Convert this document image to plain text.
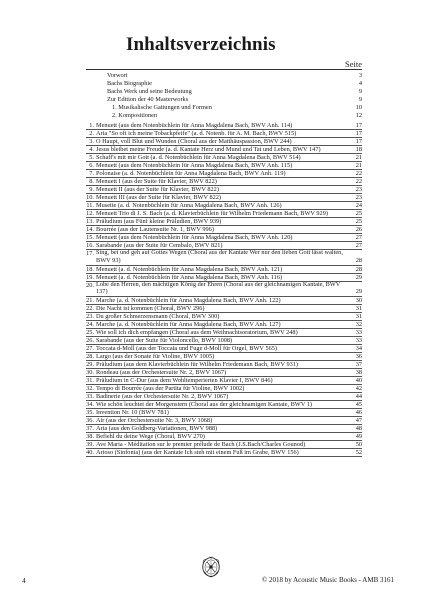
Inhaltsverzeichnis
Seite
Vorwort	3
Bachs Biographie	4
Bachs Werk und seine Bedeutung	9
Zur Edition der 40 Masterworks	9
1. Musikalische Gattungen und Formen	10
2. Kompositionen	12
1. Menuett (aus dem Notenbüchlein für Anna Magdalena Bach, BWV Anh. 114)	17
2. Aria "So oft ich meine Tobackpfeife" (a. d. Notenb. für A. M. Bach, BWV 515)	17
3. O Haupt, voll Blut und Wunden (Choral aus der Matthäuspassion, BWV 244)	17
4. Jesus bleibet meine Freude (a. d. Kantate Herz und Mund und Tat und Leben, BWV 147)	18
5. Schaff's mit mir Gott (a. d. Notenbüchlein für Anna Magdalena Bach, BWV 514)	21
6. Menuett (aus dem Notenbüchlein für Anna Magdalena Bach, BWV Anh. 115)	21
7. Polonaise (a. d. Notenbüchlein für Anna Magdalena Bach, BWV Anh. 119)	22
8. Menuett I (aus der Suite für Klavier, BWV 822)	22
9. Menuett II (aus der Suite für Klavier, BWV 822)	23
10. Menuett III (aus der Suite für Klavier, BWV 822)	23
11. Musette (a. d. Notenbüchlein für Anna Magdalena Bach, BWV Anh. 126)	24
12. Menuett Trio di J. S. Bach (a. d. Klavierbüchlein für Wilhelm Friedemann Bach, BWV 929)	25
13. Präludium (aus Fünf kleine Präludien, BWV 939)	25
14. Bourrée (aus der Lautensuite Nr. 1, BWV 996)	26
15. Menuett (aus dem Notenbüchlein für Anna Magdalena Bach, BWV Anh. 120)	27
16. Sarabande (aus der Suite für Cembalo, BWV 821)	27
17. Sing, bet und geh auf Gottes Wegen (Choral aus der Kantate Wer nur den lieben Gott lässt walten, BWV 93)	28
18. Menuett (a. d. Notenbüchlein für Anna Magdalena Bach, BWV Anh. 121)	28
19. Menuett (a. d. Notenbüchlein für Anna Magdalena Bach, BWV Anh. 116)	29
20. Lobe den Herren, den mächtigen König der Ehren (Choral aus der gleichnamigen Kantate, BWV 137)	29
21. Marche (a. d. Notenbüchlein für Anna Magdalena Bach, BWV Anh. 122)	30
22. Die Nacht ist kommen (Choral, BWV 296)	31
23. Du großer Schmerzensmann (Choral, BWV 300)	31
24. Marche (a. d. Notenbüchlein für Anna Magdalena Bach, BWV Anh. 127)	32
25. Wie soll ich dich empfangen (Choral aus dem Weihnachtsoratorium, BWV 248)	33
26. Sarabande (aus der Suite für Violoncello, BWV 1008)	33
27. Toccata d-Moll (aus der Toccata und Fuge d-Moll für Orgel, BWV 565)	34
28. Largo (aus der Sonate für Violine, BWV 1005)	36
29. Präludium (aus dem Klavierbüchlein für Wilhelm Friedemann Bach, BWV 931)	37
30. Rondeau (aus der Orchestersuite Nr. 2, BWV 1067)	38
31. Präludium in C-Dur (aus dem Wohltemperierten Klavier I, BWV 846)	40
32. Tempo di Bourrée (aus der Partita für Violine, BWV 1002)	42
33. Badinerie (aus der Orchestersuite Nr. 2, BWV 1067)	44
34. Wie schön leuchtet der Morgenstern (Choral aus der gleichnamigen Kantate, BWV 1)	45
35. Invention Nr. 10 (BWV 781)	46
36. Air (aus der Orchestersuite Nr. 3, BWV 1068)	47
37. Aria (aus den Goldberg-Variationen, BWV 988)	48
38. Befiehl du deine Wege (Choral, BWV 270)	49
39. Ave Maria - Méditation sur le premier prélude de Bach (J.S.Bach/Charles Gounod)	50
40. Arioso (Sinfonia) (aus der Kantate Ich steh mit einem Fuß im Grabe, BWV 156)	52
4	© 2018 by Acoustic Music Books - AMB 3161
